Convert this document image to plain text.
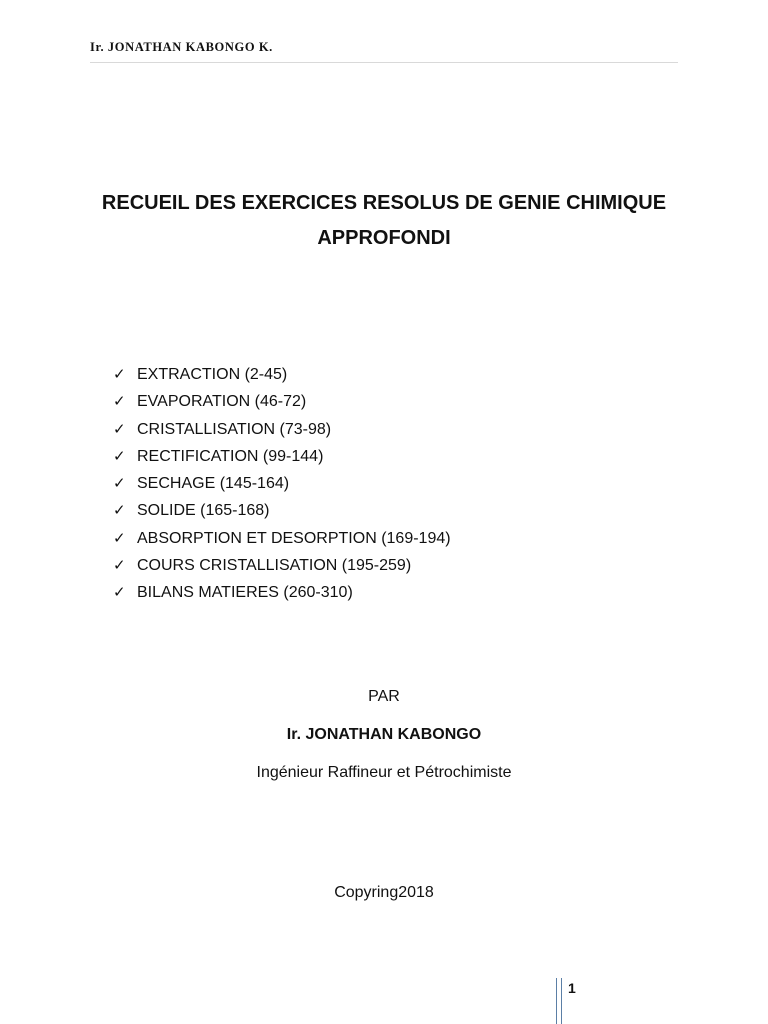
Ir. JONATHAN KABONGO K.
RECUEIL DES EXERCICES RESOLUS DE GENIE CHIMIQUE
APPROFONDI
✓ EXTRACTION (2-45)
✓ EVAPORATION (46-72)
✓ CRISTALLISATION (73-98)
✓ RECTIFICATION (99-144)
✓ SECHAGE (145-164)
✓ SOLIDE (165-168)
✓ ABSORPTION ET DESORPTION (169-194)
✓ COURS CRISTALLISATION (195-259)
✓ BILANS MATIERES (260-310)
PAR
Ir. JONATHAN KABONGO
Ingénieur Raffineur et Pétrochimiste
Copyring2018
1
